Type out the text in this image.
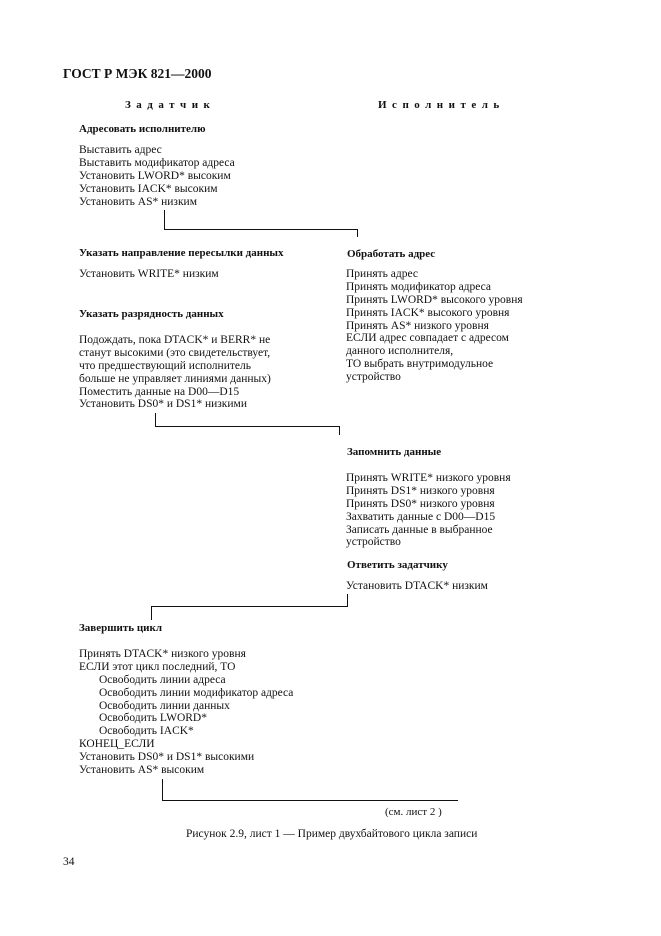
ГОСТ Р МЭК 821—2000
Задатчик	Исполнитель
Адресовать исполнителю
Выставить адрес
Выставить модификатор адреса
Установить LWORD* высоким
Установить IACK* высоким
Установить AS* низким
Указать направление пересылки данных
Установить WRITE* низким
Указать разрядность данных
Подождать, пока DTACK* и BERR* не
станут высокими (это свидетельствует,
что предшествующий исполнитель
больше не управляет линиями данных)
Поместить данные на D00—D15
Установить DS0* и DS1* низкими
Обработать адрес
Принять адрес
Принять модификатор адреса
Принять LWORD* высокого уровня
Принять IACK* высокого уровня
Принять AS* низкого уровня
ЕСЛИ адрес совпадает с адресом
данного исполнителя,
ТО выбрать внутримодульное
устройство
Запомнить данные
Принять WRITE* низкого уровня
Принять DS1* низкого уровня
Принять DS0* низкого уровня
Захватить данные с D00—D15
Записать данные в выбранное
устройство
Ответить задатчику
Установить DTACK* низким
Завершить цикл
Принять DTACK* низкого уровня
ЕСЛИ этот цикл последний, ТО
Освободить линии адреса
Освободить линии модификатор адреса
Освободить линии данных
Освободить LWORD*
Освободить IACK*
КОНЕЦ_ЕСЛИ
Установить DS0* и DS1* высокими
Установить AS* высоким
(см. лист 2 )
Рисунок 2.9, лист 1 — Пример двухбайтового цикла записи
34
